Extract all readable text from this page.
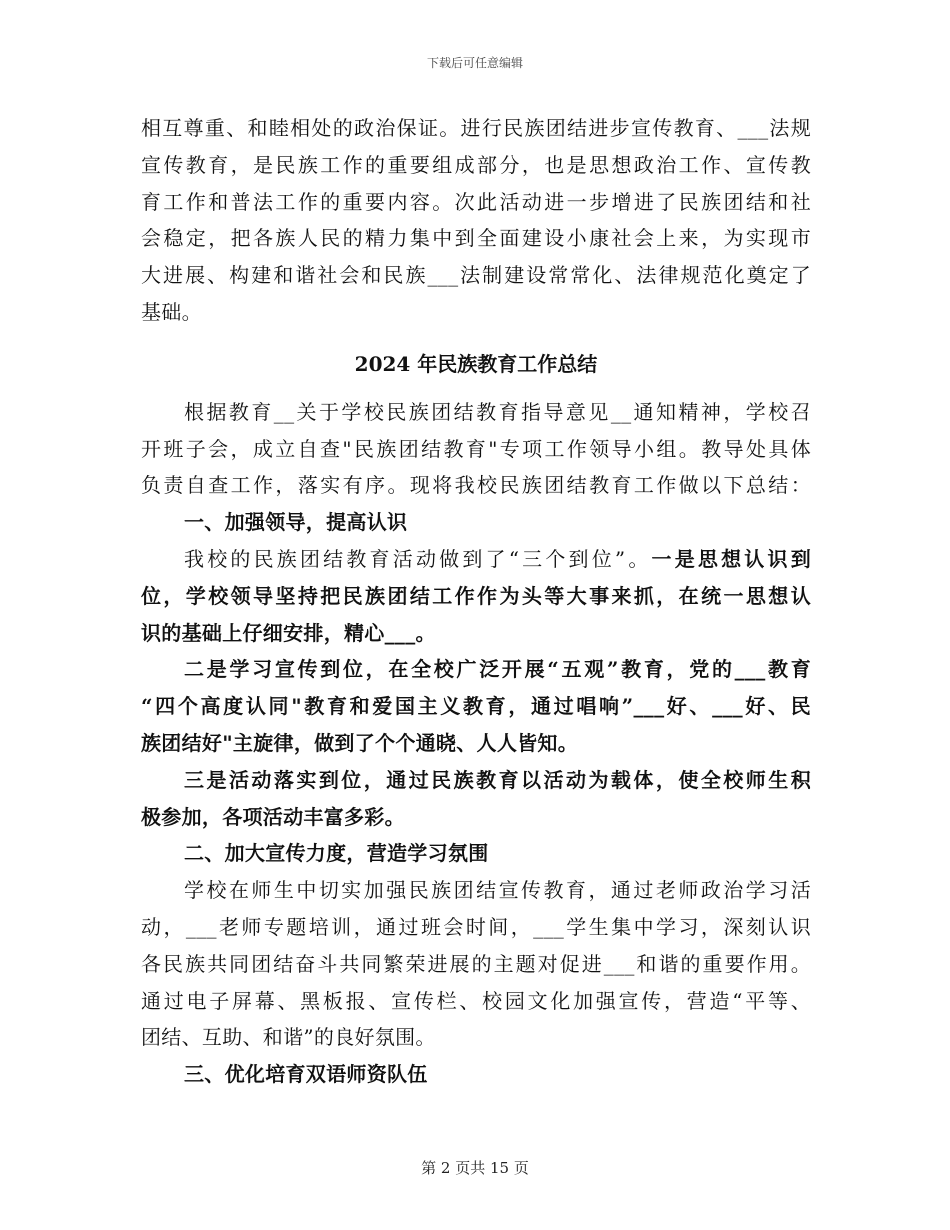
下载后可任意编辑
相互尊重、和睦相处的政治保证。进行民族团结进步宣传教育、___法规
宣传教育，是民族工作的重要组成部分，也是思想政治工作、宣传教
育工作和普法工作的重要内容。次此活动进一步增进了民族团结和社
会稳定，把各族人民的精力集中到全面建设小康社会上来，为实现市
大进展、构建和谐社会和民族___法制建设常常化、法律规范化奠定了
基础。
2024 年民族教育工作总结
根据教育__关于学校民族团结教育指导意见__通知精神，学校召
开班子会，成立自查"民族团结教育"专项工作领导小组。教导处具体
负责自查工作，落实有序。现将我校民族团结教育工作做以下总结：
一、加强领导，提高认识
我校的民族团结教育活动做到了“三个到位”。一是思想认识到
位，学校领导坚持把民族团结工作作为头等大事来抓，在统一思想认
识的基础上仔细安排，精心___。
二是学习宣传到位，在全校广泛开展“五观”教育，党的___教育
“四个高度认同"教育和爱国主义教育，通过唱响”___好、___好、民
族团结好"主旋律，做到了个个通晓、人人皆知。
三是活动落实到位，通过民族教育以活动为载体，使全校师生积
极参加，各项活动丰富多彩。
二、加大宣传力度，营造学习氛围
学校在师生中切实加强民族团结宣传教育，通过老师政治学习活
动，___老师专题培训，通过班会时间，___学生集中学习，深刻认识
各民族共同团结奋斗共同繁荣进展的主题对促进___和谐的重要作用。
通过电子屏幕、黑板报、宣传栏、校园文化加强宣传，营造“平等、
团结、互助、和谐”的良好氛围。
三、优化培育双语师资队伍
第 2 页共 15 页
